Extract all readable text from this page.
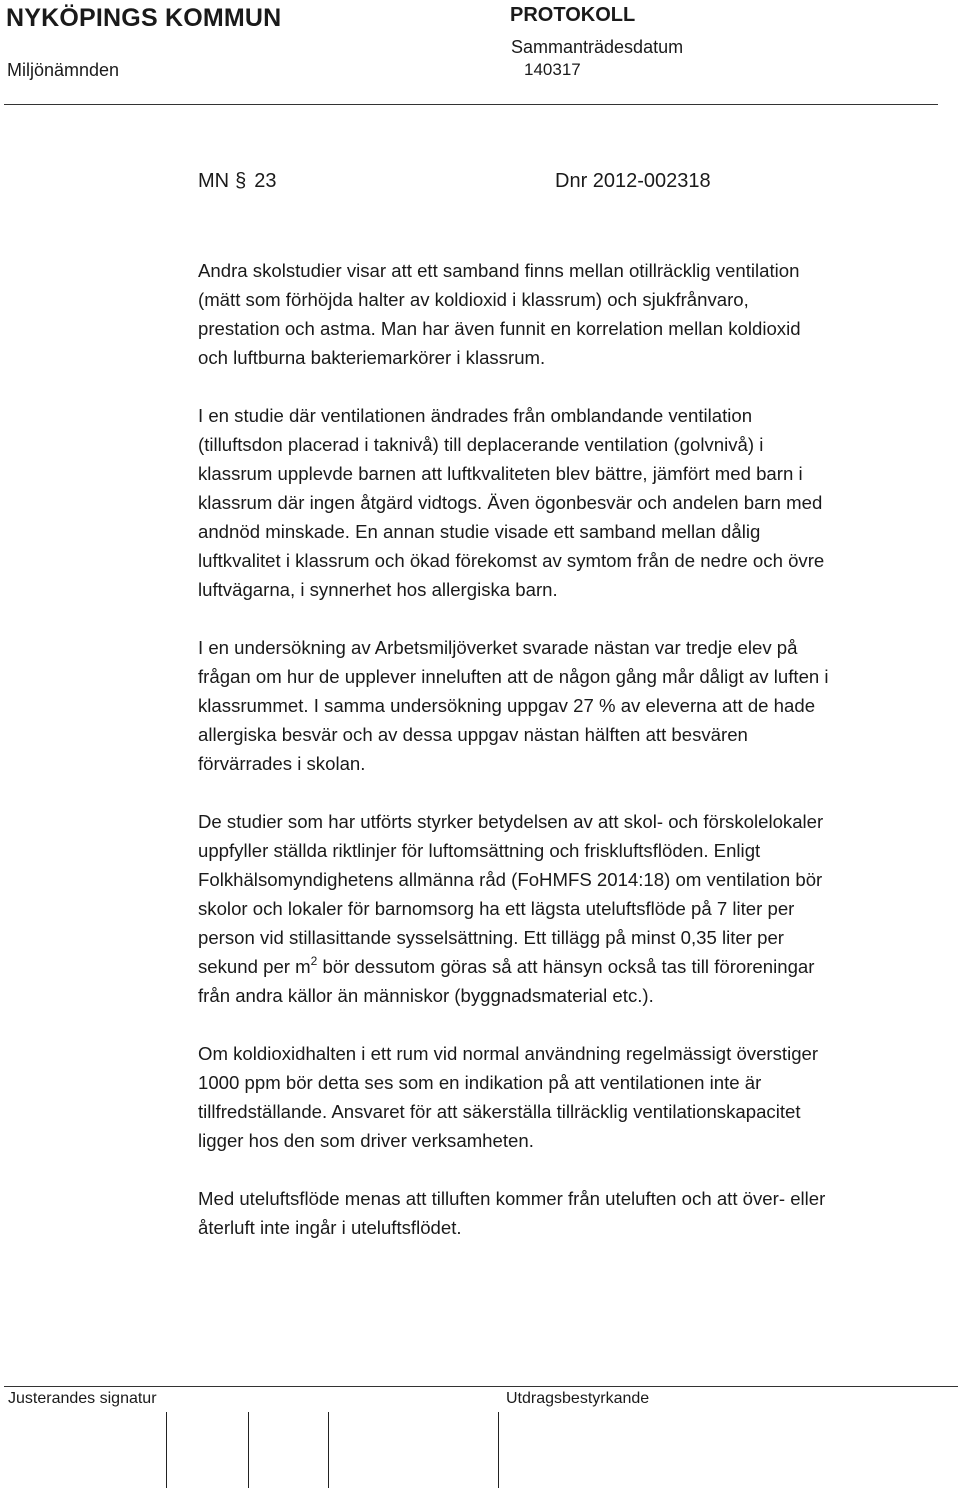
NYKÖPINGS KOMMUN
Miljönämnden
PROTOKOLL
Sammanträdesdatum
140317
MN § 23	Dnr 2012-002318

Andra skolstudier visar att ett samband finns mellan otillräcklig ventilation
(mätt som förhöjda halter av koldioxid i klassrum) och sjukfrånvaro,
prestation och astma. Man har även funnit en korrelation mellan koldioxid
och luftburna bakteriemarkörer i klassrum.

I en studie där ventilationen ändrades från omblandande ventilation
(tilluftsdon placerad i taknivå) till deplacerande ventilation (golvnivå) i
klassrum upplevde barnen att luftkvaliteten blev bättre, jämfört med barn i
klassrum där ingen åtgärd vidtogs. Även ögonbesvär och andelen barn med
andnöd minskade. En annan studie visade ett samband mellan dålig
luftkvalitet i klassrum och ökad förekomst av symtom från de nedre och övre
luftvägarna, i synnerhet hos allergiska barn.

I en undersökning av Arbetsmiljöverket svarade nästan var tredje elev på
frågan om hur de upplever inneluften att de någon gång mår dåligt av luften i
klassrummet. I samma undersökning uppgav 27 % av eleverna att de hade
allergiska besvär och av dessa uppgav nästan hälften att besvären
förvärrades i skolan.

De studier som har utförts styrker betydelsen av att skol- och förskolelokaler
uppfyller ställda riktlinjer för luftomsättning och friskluftsflöden. Enligt
Folkhälsomyndighetens allmänna råd (FoHMFS 2014:18) om ventilation bör
skolor och lokaler för barnomsorg ha ett lägsta uteluftsflöde på 7 liter per
person vid stillasittande sysselsättning. Ett tillägg på minst 0,35 liter per
sekund per $m^2$ bör dessutom göras så att hänsyn också tas till föroreningar
från andra källor än människor (byggnadsmaterial etc.).

Om koldioxidhalten i ett rum vid normal användning regelmässigt överstiger
1000 ppm bör detta ses som en indikation på att ventilationen inte är
tillfredställande. Ansvaret för att säkerställa tillräcklig ventilationskapacitet
ligger hos den som driver verksamheten.

Med uteluftsflöde menas att tilluften kommer från uteluften och att över- eller
återluft inte ingår i uteluftsflödet.

Justerandes signatur	Utdragsbestyrkande
